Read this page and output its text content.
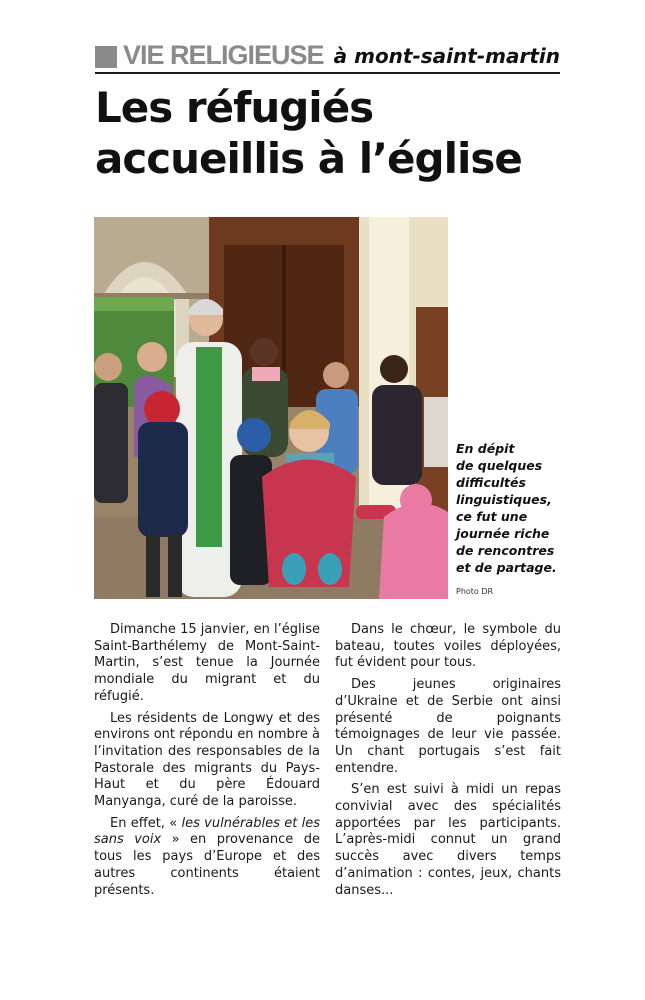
VIE RELIGIEUSE à mont-saint-martin
Les réfugiés
accueillis à l’église

En dépit
de quelques
difficultés
linguistiques,
ce fut une
journée riche
de rencontres
et de partage.

Photo DR

Dimanche 15 janvier, en l’église Saint-Barthélemy de Mont-Saint-Martin, s’est tenue la Journée mondiale du migrant et du réfugié.

Les résidents de Longwy et des environs ont répondu en nombre à l’invitation des responsables de la Pastorale des migrants du Pays-Haut et du père Édouard Manyanga, curé de la paroisse.

En effet, « les vulnérables et les sans voix » en provenance de tous les pays d’Europe et des autres continents étaient présents.

Dans le chœur, le symbole du bateau, toutes voiles déployées, fut évident pour tous.

Des jeunes originaires d’Ukraine et de Serbie ont ainsi présenté de poignants témoignages de leur vie passée. Un chant portugais s’est fait entendre.

S’en est suivi à midi un repas convivial avec des spécialités apportées par les participants. L’après-midi connut un grand succès avec divers temps d’animation : contes, jeux, chants danses...
